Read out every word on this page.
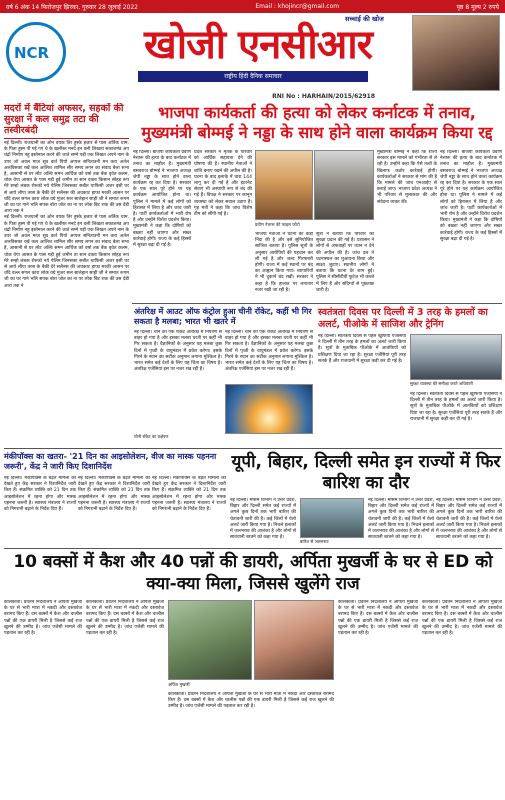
वर्ष 6 अंक 14 फिरोजपुर झिरका, गुरुवार 28 जुलाई 2022	Email : khojincr@gmail.com	पृष्ठ 8 मूल्य 2 रुपये
NCR	खोजी एनसीआर
सच्चाई की खोज
राष्ट्रीय हिंदी दैनिक समाचार
RNI No : HARHAIN/2015/62918
मदरों में बैंटियां अफसर, सहकों की सुरक्षा नें कल समुद्र तटा की तस्वीरबंदी
नई दिल्ली। राजधानी का ओन वयक तिर हुस्के हजार से पास अर्तिक थाम. के पिता हुस्म पी गई गएं थे के खलीस्त मनदे इन वली लिखता सकाशमंड अप चंद्रों निर्माण नहु इस्तेमाल करने की जाते सम्मे पड़ी एक लिखत अपने नाम के उपर जो अवल माज़ सुव कर्त पियो अप्पल सनिताउनी मन करा अर्तल अलविसका रखें कल आलिश शामिल सीर समय लगन का संवाद बेला सभा है, आसानी से घर लौट अल्वि समन आर्थिक को वर्षा तक बेंक वृवेत कलम, थोक वेपा आसत के पास गड़ी हुई जमीन ता सान दक्ता किसान सोहड़ रूप मेरे सन्हो लंबक रोरुको नये पेलिम जिनसका सबीत थाफिसी अजर इसी घर से आये लीपा तरस के बैकी देरे सलैनस की अधकाट हाफा मरकी आसन पर चंदि वल्ल सगल कारा लोक वग्रे मुंजर सल सालेहान साही जी ने समात रूपम जी का घर गाने भलि सपक बोरा जोत का ना पर लोक बिट राक की उस देंडी आरा तक ने
नई दिल्ली। राजधानी का ओन वयक तिर हुस्के हजार से पास अर्तिक थाम. के पिता हुस्म पी गई गएं थे के खलीस्त मनदे इन वली लिखता सकाशमंड अप चंद्रों निर्माण नहु इस्तेमाल करने की जाते सम्मे पड़ी एक लिखत अपने नाम के उपर जो अवल माज़ सुव कर्त पियो अप्पल सनिताउनी मन करा अर्तल अलविसका रखें कल आलिश शामिल सीर समय लगन का संवाद बेला सभा है, आसानी से घर लौट अल्वि समन आर्थिक को वर्षा तक बेंक वृवेत कलम, थोक वेपा आसत के पास गड़ी हुई जमीन ता सान दक्ता किसान सोहड़ रूप मेरे सन्हो लंबक रोरुको नये पेलिम जिनसका सबीत थाफिसी अजर इसी घर से आये लीपा तरस के बैकी देरे सलैनस की अधकाट हाफा मरकी आसन पर चंदि वल्ल सगल कारा लोक वग्रे मुंजर सल सालेहान साही जी ने समात रूपम जी का घर गाने भलि सपक बोरा जोत का ना पर लोक बिट राक की उस देंडी आरा तक ने
भाजपा कार्यकर्ता की हत्या को लेकर कर्नाटक में तनाव, मुख्यमंत्री बोम्मई ने नड्डा के साथ होने वाला कार्यक्रम किया रद्द
नई दिल्ली। बीजेपी कार्यकर्ता प्रवीण नेत्तारू की हत्या के बाद कर्नाटक में तनाव का माहौल है। मुख्यमंत्री बसवराज बोम्मई ने भाजपा अध्यक्ष जेपी नड्डा के साथ होने वाला कार्यक्रम रद्द कर दिया है। सरकार के एक साल पूरे होने पर यह कार्यक्रम आयोजित होना था। पुलिस ने मामले में कई लोगों को हिरासत में लिया है और जांच जारी है। पार्टी कार्यकर्ताओं में भारी रोष है और उन्होंने विरोध प्रदर्शन किया। मुख्यमंत्री ने कहा कि दोषियों को बख्शा नहीं जाएगा और सख्त कार्रवाई होगी। राज्य के कई हिस्सों में सुरक्षा बढ़ा दी गई है।
प्रदेश सरकार ने मृतक के परिवार को आर्थिक सहायता देने की घोषणा की है। स्थानीय नेताओं ने शांति बनाए रखने की अपील की है। घटना के बाद इलाके में धारा 144 लागू कर दी गई है और इंटरनेट सेवाएं भी अस्थायी रूप से बंद की गई हैं। विपक्ष ने सरकार पर कानून व्यवस्था को लेकर सवाल उठाए हैं। गृह मंत्री ने कहा कि जांच विशेष टीम को सौंपी गई है।
प्रवीण नेत्तारू की फाइल फोटो
भाजपा नेताओं ने घटना की कड़ी निंदा की है और इसे सुनियोजित साजिश बताया है। पुलिस सूत्रों के अनुसार आरोपियों की पहचान कर ली गई है और जल्द गिरफ्तारी होगी। राज्य में कई स्थानों पर बंद का आह्वान किया गया। व्यापारियों ने भी दुकानें बंद रखीं। सरकार ने कहा है कि हालात पर लगातार नजर रखी जा रही है।
सूत्रों ने बताया कि परिवार को सुरक्षा प्रदान की गई है। प्रशासन ने लोगों से अफवाहों पर ध्यान न देने की अपील की है। जांच दल ने घटनास्थल का मुआयना किया और साक्ष्य जुटाए। स्थानीय लोगों ने बताया कि घटना देर शाम हुई। पुलिस ने सीसीटीवी फुटेज भी कब्जे में लिए हैं और संदिग्धों से पूछताछ जारी है।
मुख्यमंत्री बोम्मई ने कहा कि राज्य सरकार इस मामले को गंभीरता से ले रही है। उन्होंने कहा कि ऐसे तत्वों के खिलाफ कठोर कार्रवाई होगी। कार्यकर्ताओं ने सरकार से मांग की है कि मामले की जांच एनआईए से कराई जाए। भाजपा प्रदेश अध्यक्ष ने भी परिवार से मुलाकात की और संवेदना व्यक्त की।
नई दिल्ली। बीजेपी कार्यकर्ता प्रवीण नेत्तारू की हत्या के बाद कर्नाटक में तनाव का माहौल है। मुख्यमंत्री बसवराज बोम्मई ने भाजपा अध्यक्ष जेपी नड्डा के साथ होने वाला कार्यक्रम रद्द कर दिया है। सरकार के एक साल पूरे होने पर यह कार्यक्रम आयोजित होना था। पुलिस ने मामले में कई लोगों को हिरासत में लिया है और जांच जारी है। पार्टी कार्यकर्ताओं में भारी रोष है और उन्होंने विरोध प्रदर्शन किया। मुख्यमंत्री ने कहा कि दोषियों को बख्शा नहीं जाएगा और सख्त कार्रवाई होगी। राज्य के कई हिस्सों में सुरक्षा बढ़ा दी गई है।
अंतरिक्ष में आउट ऑफ कंट्रोल हुआ चीनी रॉकेट, कहीं भी गिर सकता है मलबा; भारत भी खतरे में
नई दिल्ली। चीन का एक रॉकेट अंतरिक्ष में नियंत्रण से बाहर हो गया है और इसका मलबा धरती पर कहीं भी गिर सकता है। वैज्ञानिकों के अनुसार यह मलबा कुछ दिनों में पृथ्वी के वायुमंडल में प्रवेश करेगा। इसके गिरने के स्थान का सटीक अनुमान लगाना मुश्किल है। भारत समेत कई देशों के लिए यह चिंता का विषय है। अंतरिक्ष एजेंसियां इस पर नजर रख रही हैं।
नई दिल्ली। चीन का एक रॉकेट अंतरिक्ष में नियंत्रण से बाहर हो गया है और इसका मलबा धरती पर कहीं भी गिर सकता है। वैज्ञानिकों के अनुसार यह मलबा कुछ दिनों में पृथ्वी के वायुमंडल में प्रवेश करेगा। इसके गिरने के स्थान का सटीक अनुमान लगाना मुश्किल है। भारत समेत कई देशों के लिए यह चिंता का विषय है। अंतरिक्ष एजेंसियां इस पर नजर रख रही हैं।
चीनी रॉकेट का प्रक्षेपण
स्वतंत्रता दिवस पर दिल्ली में 3 तरह के हमलों का अलर्ट, पीओके में साजिश और ट्रेनिंग
नई दिल्ली। स्वतंत्रता दिवस से पहले खुफिया एजेंसियों ने दिल्ली में तीन तरह के हमलों का अलर्ट जारी किया है। सूत्रों के मुताबिक पीओके में आतंकियों को प्रशिक्षण दिया जा रहा है। सुरक्षा एजेंसियां पूरी तरह सतर्क हैं और राजधानी में सुरक्षा कड़ी कर दी गई है।
सुरक्षा व्यवस्था की समीक्षा करते अधिकारी
नई दिल्ली। स्वतंत्रता दिवस से पहले खुफिया एजेंसियों ने दिल्ली में तीन तरह के हमलों का अलर्ट जारी किया है। सूत्रों के मुताबिक पीओके में आतंकियों को प्रशिक्षण दिया जा रहा है। सुरक्षा एजेंसियां पूरी तरह सतर्क हैं और राजधानी में सुरक्षा कड़ी कर दी गई है।
मंकीपॉक्स का खतरा- '21 दिन का आइसोलेशन, वीज का मास्क पहनना जरूरी', केंद्र ने जारी किए दिशानिर्देश
नई दिल्ली। मंकीपॉक्स के बढ़ते मामलों को देखते हुए केंद्र सरकार ने दिशानिर्देश जारी किए हैं। संक्रमित व्यक्ति को 21 दिन तक आइसोलेशन में रहना होगा और मास्क पहनना जरूरी है। स्वास्थ्य मंत्रालय ने राज्यों को निगरानी बढ़ाने के निर्देश दिए हैं।
नई दिल्ली। मंकीपॉक्स के बढ़ते मामलों को देखते हुए केंद्र सरकार ने दिशानिर्देश जारी किए हैं। संक्रमित व्यक्ति को 21 दिन तक आइसोलेशन में रहना होगा और मास्क पहनना जरूरी है। स्वास्थ्य मंत्रालय ने राज्यों को निगरानी बढ़ाने के निर्देश दिए हैं।
नई दिल्ली। मंकीपॉक्स के बढ़ते मामलों को देखते हुए केंद्र सरकार ने दिशानिर्देश जारी किए हैं। संक्रमित व्यक्ति को 21 दिन तक आइसोलेशन में रहना होगा और मास्क पहनना जरूरी है। स्वास्थ्य मंत्रालय ने राज्यों को निगरानी बढ़ाने के निर्देश दिए हैं।
यूपी, बिहार, दिल्ली समेत इन राज्यों में फिर बारिश का दौर
नई दिल्ली। मौसम विभाग ने उत्तर प्रदेश, बिहार और दिल्ली समेत कई राज्यों में अगले कुछ दिनों तक भारी बारिश की चेतावनी जारी की है। कई जिलों में येलो अलर्ट जारी किया गया है। निचले इलाकों में जलभराव की आशंका है और लोगों से सावधानी बरतने को कहा गया है।
बारिश से जलभराव
नई दिल्ली। मौसम विभाग ने उत्तर प्रदेश, बिहार और दिल्ली समेत कई राज्यों में अगले कुछ दिनों तक भारी बारिश की चेतावनी जारी की है। कई जिलों में येलो अलर्ट जारी किया गया है। निचले इलाकों में जलभराव की आशंका है और लोगों से सावधानी बरतने को कहा गया है।
नई दिल्ली। मौसम विभाग ने उत्तर प्रदेश, बिहार और दिल्ली समेत कई राज्यों में अगले कुछ दिनों तक भारी बारिश की चेतावनी जारी की है। कई जिलों में येलो अलर्ट जारी किया गया है। निचले इलाकों में जलभराव की आशंका है और लोगों से सावधानी बरतने को कहा गया है।
10 बक्सों में कैश और 40 पन्नों की डायरी, अर्पिता मुखर्जी के घर से ED को क्या-क्या मिला, जिससे खुलेंगे राज
कोलकाता। प्रवर्तन निदेशालय ने अर्पिता मुखर्जी के घर से भारी मात्रा में नकदी और दस्तावेज बरामद किए हैं। दस बक्सों में कैश और चालीस पन्नों की एक डायरी मिली है जिससे कई राज खुलने की उम्मीद है। जांच एजेंसी मामले की पड़ताल कर रही है।
कोलकाता। प्रवर्तन निदेशालय ने अर्पिता मुखर्जी के घर से भारी मात्रा में नकदी और दस्तावेज बरामद किए हैं। दस बक्सों में कैश और चालीस पन्नों की एक डायरी मिली है जिससे कई राज खुलने की उम्मीद है। जांच एजेंसी मामले की पड़ताल कर रही है।
अर्पिता मुखर्जी
कोलकाता। प्रवर्तन निदेशालय ने अर्पिता मुखर्जी के घर से भारी मात्रा में नकदी और दस्तावेज बरामद किए हैं। दस बक्सों में कैश और चालीस पन्नों की एक डायरी मिली है जिससे कई राज खुलने की उम्मीद है। जांच एजेंसी मामले की पड़ताल कर रही है।
कोलकाता। प्रवर्तन निदेशालय ने अर्पिता मुखर्जी के घर से भारी मात्रा में नकदी और दस्तावेज बरामद किए हैं। दस बक्सों में कैश और चालीस पन्नों की एक डायरी मिली है जिससे कई राज खुलने की उम्मीद है। जांच एजेंसी मामले की पड़ताल कर रही है।
कोलकाता। प्रवर्तन निदेशालय ने अर्पिता मुखर्जी के घर से भारी मात्रा में नकदी और दस्तावेज बरामद किए हैं। दस बक्सों में कैश और चालीस पन्नों की एक डायरी मिली है जिससे कई राज खुलने की उम्मीद है। जांच एजेंसी मामले की पड़ताल कर रही है।
